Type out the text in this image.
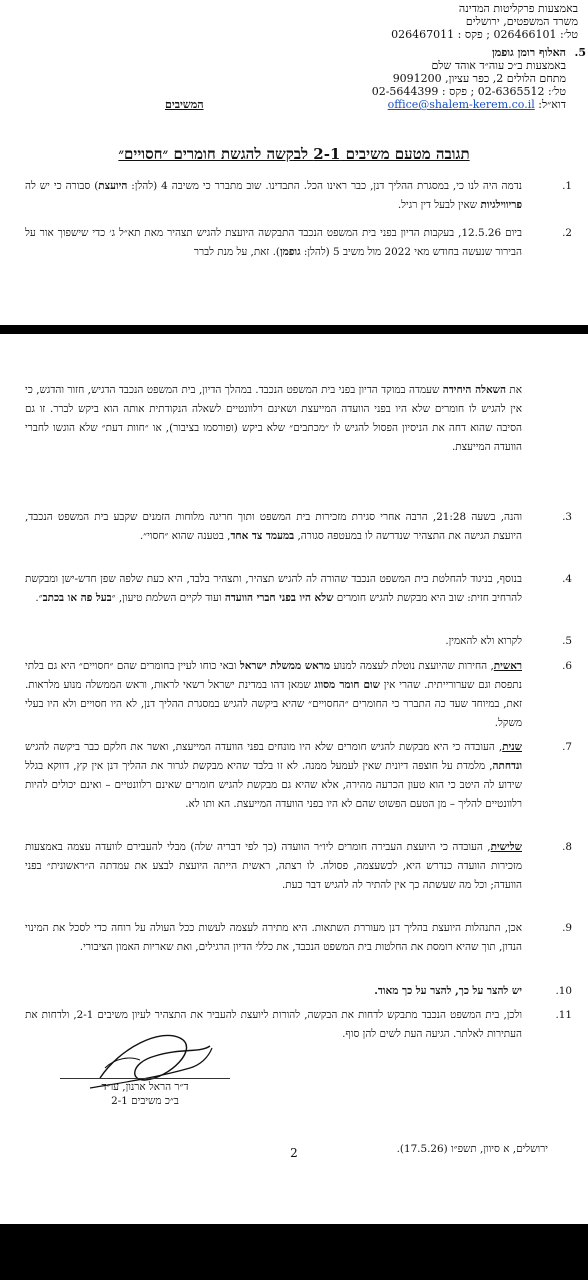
באמצעות פרקליטות המדינה
משרד המשפטים, ירושלים
טל׳: 026466101 ; פקס : 026467011
5.
האלוף רומן גופמן
באמצעות ב״כ עוה״ד אוהד שלם
מתחם הלולים 2, כפר עציון, 9091200
טל׳: 02-6365512 ; פקס : 02-5644399
דוא״ל: office@shalem-kerem.co.il
המשיבים
תגובה מטעם משיבים 2-1 לבקשה להגשת חומרים ״חסויים״
1.
נדמה היה לנו כי, במסגרת ההליך דנן, כבר ראינו הכל. התבדינו. שוב מתברר כי משיבה 4 (להלן: היועצת) סבורה כי יש לה פריווילגיות שאין לבעל דין רגיל.
2.
ביום 12.5.26, בעקבות הדיון בפני בית המשפט הנכבד התבקשה היועצת להגיש תצהיר מאת תא״ל ג׳ כדי שישפוך אור על הבירור שנעשה בחודש מאי 2022 מול משיב 5 (להלן: גופמן). זאת, על מנת לברר
את השאלה היחידה שעמדה במוקד הדיון בפני בית המשפט הנכבד. במהלך הדיון, בית המשפט הנכבד הדגיש, חזור והדגש, כי אין להגיש לו חומרים שלא היו בפני הוועדה המייעצת ושאינם רלוונטיים לשאלה הנקודתית אותה הוא ביקש לברר. זו גם הסיבה שהוא דחה את הניסיון הפסול להגיש לו ״מכתבים״ שלא ביקש (ופורסמו בציבור), או ״חוות דעת״ שלא הוגשו לחברי הוועדה המייעצת.
3.
והנה, בשעה 21:28, הרבה אחרי סגירת מזכירות בית המשפט ותוך חריגה מלוחות הזמנים שקבע בית המשפט הנכבד, היועצת הגישה את התצהיר שנדרשה לו במעטפה סגורה, במעמד צד אחד, בטענה שהוא ״חסוי״.
4.
בנוסף, בניגוד להחלטת בית המשפט הנכבד שהורה לה להגיש תצהיר, ותצהיר בלבד, היא כעת שלפה שפן חדש-ישן ומבקשת להרחיב חזית: שוב היא מבקשת להגיש חומרים שלא היו בפני חברי הוועדה ועוד לקיים השלמת טיעון, ״בעל פה או בכתב״.
5.
לקרוא ולא להאמין.
6.
ראשית, החירות שהיועצת נוטלת לעצמה למנוע מראש ממשלת ישראל ובאי כוחו לעיין בחומרים שהם ״חסויים״ היא גם בלתי נתפסת וגם שערורייתית. שהרי אין שום חומר מסווג שמאן דהו במדינת ישראל רשאי לראות, וראש הממשלה מנוע מלראות. זאת, במיוחד שעד כה התברר כי החומרים ״החסויים״ שהיא ביקשה להגיש במסגרת ההליך דנן, לא היו חסויים ולא היו בעלי משקל.
7.
שנית, העובדה כי היא מבקשת להגיש חומרים שלא היו מונחים בפני הוועדה המייעצת, ואשר את חלקם כבר ביקשה להגיש ונדחתה, מלמדת על חוצפה דיונית שאין לעמעל ממנה. לא זו בלבד שהיא מבקשת לגרור את ההליך דנן אין קץ, דווקא בגלל שידוע לה היטב כי הוא טעון הכרעה מהירה, אלא שהיא גם מבקשת להגיש חומרים שאינם רלוונטיים – ואינם יכולים להיות רלוונטיים להליך – מן הטעם הפשוט שהם לא היו בפני הוועדה המייעצת. הא ותו לא.
8.
שלישית, העובדה כי היועצת העבירה חומרים ליו״ר הוועדה (כך לפי דבריה שלה) מבלי להעבירם לוועדה עצמה באמצעות מזכירות הוועדה כנדרש היא, לכשעצמה, פסולה. לו רצתה, ראשית הייתה היועצת לבצע את עמדתה ה״ראשונית״ בפני הוועדה; וכל מה שעשתה כך אין להתיר לה להגיש דבר כעת.
9.
אכן, התנהלות היועצת בהליך דנן מעוררת השתאות. היא מתירה לעצמה לעשות ככל העולה על רוחה כדי לסכל את המינוי הנדון, תוך שהיא רומסת את החלטות בית המשפט הנכבד, את כללי הדיון הרגילים, ואת שאריות האמון הציבורי.
10.
יש להצר על כך, להצר על כך מאוד.
11.
ולכן, בית המשפט הנכבד מתבקש לדחות את הבקשה, להורות ליועצת להעביר את התצהיר לעיון משיבים 2-1, ולדחות את העתירות לאלתר. הגיעה העת לשים להן סוף.
ד״ר הראל ארנון, עו״ד
ב״כ משיבים 2-1
ירושלים, א סיוון, תשפ״ו (17.5.26).
2
